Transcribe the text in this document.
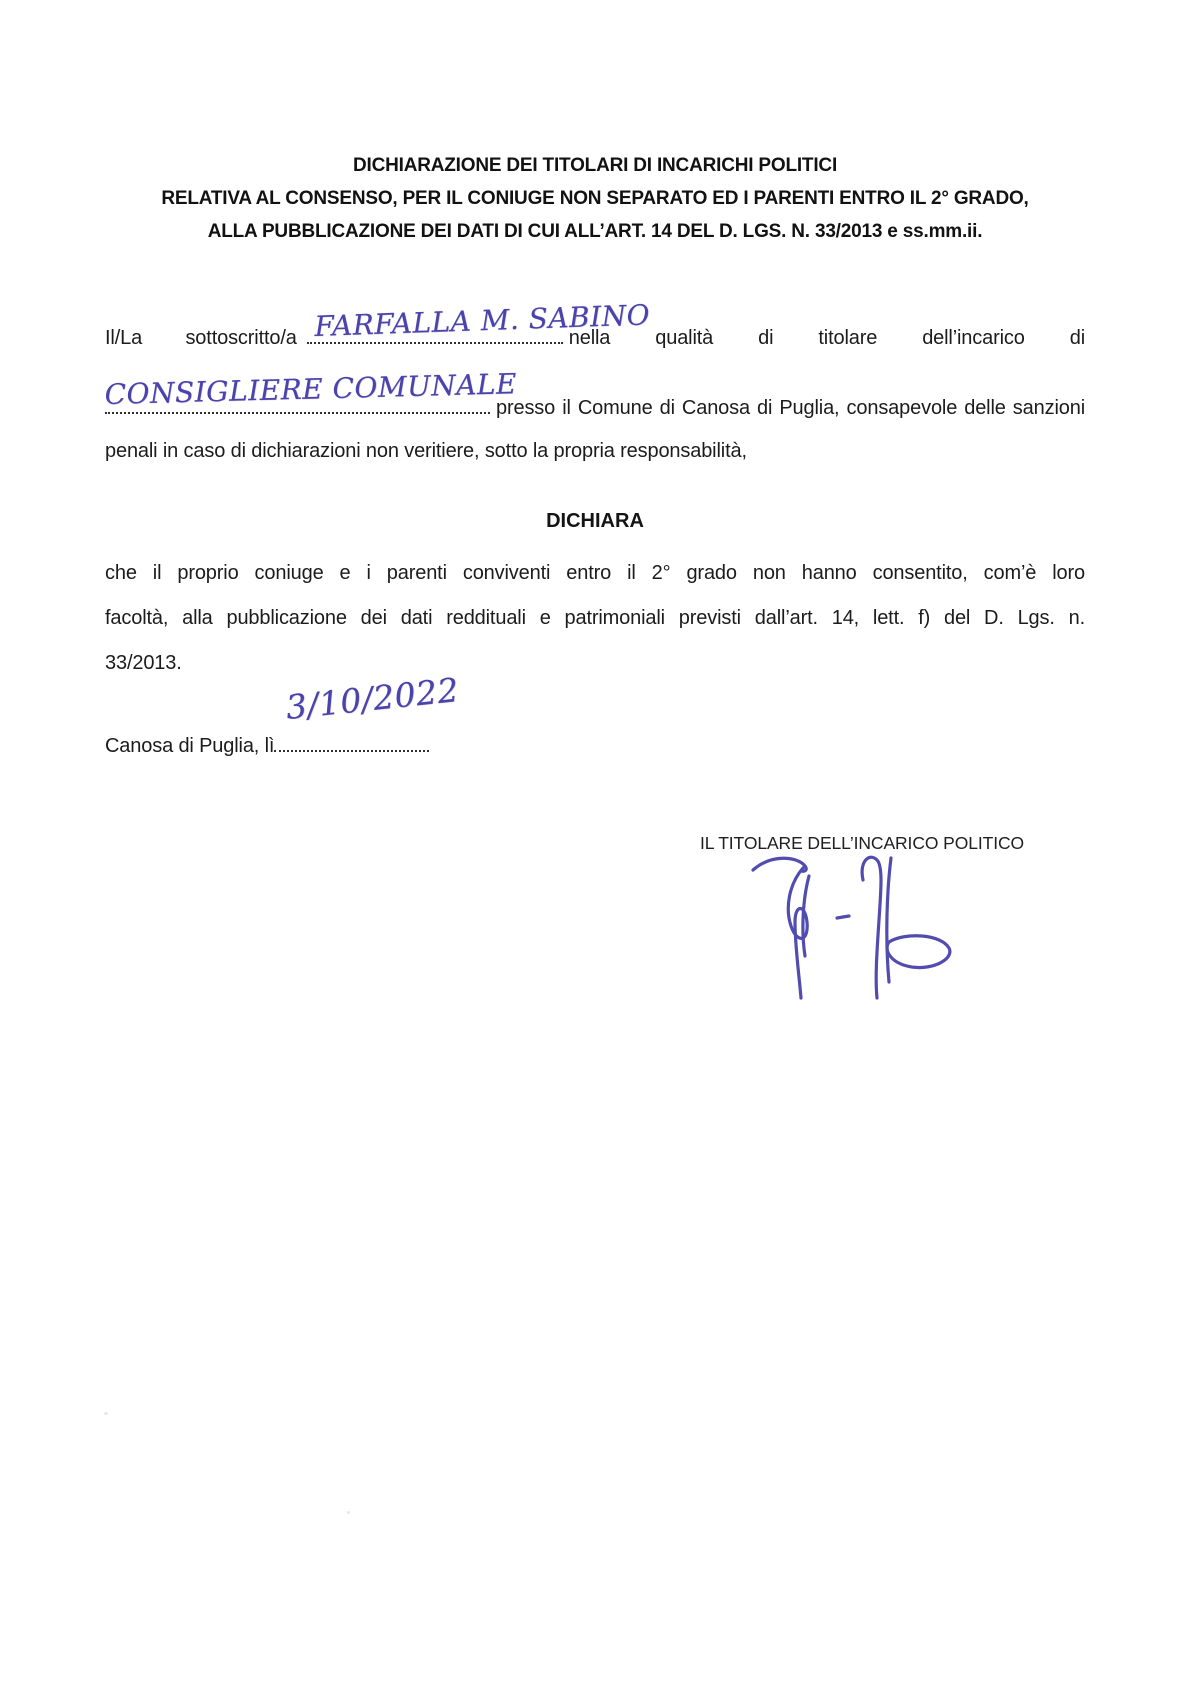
DICHIARAZIONE DEI TITOLARI DI INCARICHI POLITICI
RELATIVA AL CONSENSO, PER IL CONIUGE NON SEPARATO ED I PARENTI ENTRO IL 2° GRADO,
ALLA PUBBLICAZIONE DEI DATI DI CUI ALL’ART. 14 DEL D. LGS. N. 33/2013 e ss.mm.ii.
Il/La sottoscritto/a FARFALLA M. SABINO
nella qualità di titolare dell’incarico di
CONSIGLIERE COMUNALE
presso il Comune di Canosa di Puglia, consapevole delle sanzioni
penali in caso di dichiarazioni non veritiere, sotto la propria responsabilità,
DICHIARA
che il proprio coniuge e i parenti conviventi entro il 2° grado non hanno consentito, com’è loro
facoltà, alla pubblicazione dei dati reddituali e patrimoniali previsti dall’art. 14, lett. f) del D. Lgs. n.
33/2013.
Canosa di Puglia, lì
3/10/2022
IL TITOLARE DELL’INCARICO POLITICO
